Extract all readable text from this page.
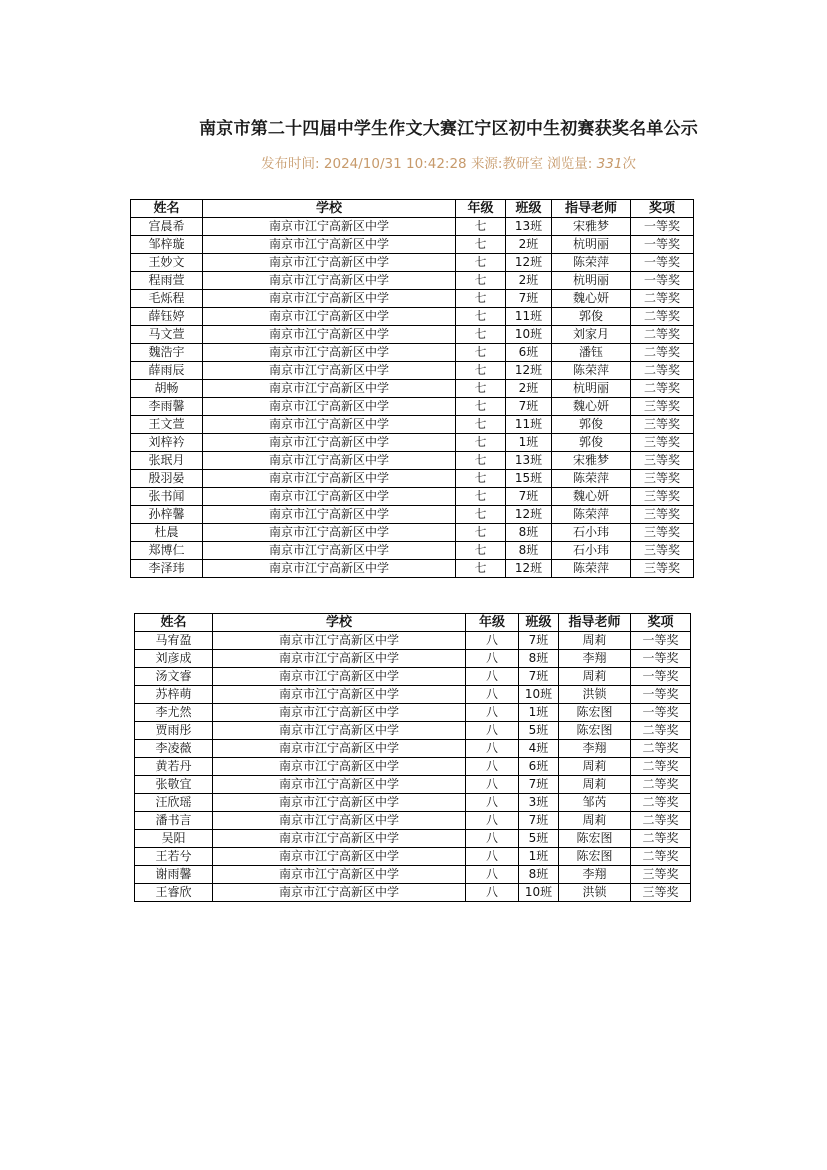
南京市第二十四届中学生作文大赛江宁区初中生初赛获奖名单公示
发布时间: 2024/10/31 10:42:28 来源:教研室 浏览量: 331次
姓名	学校	年级	班级	指导老师	奖项
宫晨希	南京市江宁高新区中学	七	13班	宋雅梦	一等奖
邹梓璇	南京市江宁高新区中学	七	2班	杭明丽	一等奖
王妙文	南京市江宁高新区中学	七	12班	陈荣萍	一等奖
程雨萱	南京市江宁高新区中学	七	2班	杭明丽	一等奖
毛烁程	南京市江宁高新区中学	七	7班	魏心妍	二等奖
薛钰婷	南京市江宁高新区中学	七	11班	郭俊	二等奖
马文萱	南京市江宁高新区中学	七	10班	刘家月	二等奖
魏浩宇	南京市江宁高新区中学	七	6班	潘钰	二等奖
薛雨辰	南京市江宁高新区中学	七	12班	陈荣萍	二等奖
胡畅	南京市江宁高新区中学	七	2班	杭明丽	二等奖
李雨馨	南京市江宁高新区中学	七	7班	魏心妍	三等奖
王文萱	南京市江宁高新区中学	七	11班	郭俊	三等奖
刘梓衿	南京市江宁高新区中学	七	1班	郭俊	三等奖
张珉月	南京市江宁高新区中学	七	13班	宋雅梦	三等奖
殷羽晏	南京市江宁高新区中学	七	15班	陈荣萍	三等奖
张书闻	南京市江宁高新区中学	七	7班	魏心妍	三等奖
孙梓馨	南京市江宁高新区中学	七	12班	陈荣萍	三等奖
杜晨	南京市江宁高新区中学	七	8班	石小玮	三等奖
郑博仁	南京市江宁高新区中学	七	8班	石小玮	三等奖
李泽玮	南京市江宁高新区中学	七	12班	陈荣萍	三等奖
姓名	学校	年级	班级	指导老师	奖项
马宥盈	南京市江宁高新区中学	八	7班	周莉	一等奖
刘彦成	南京市江宁高新区中学	八	8班	李翔	一等奖
汤文睿	南京市江宁高新区中学	八	7班	周莉	一等奖
苏梓萌	南京市江宁高新区中学	八	10班	洪锁	一等奖
李尤然	南京市江宁高新区中学	八	1班	陈宏图	一等奖
贾雨彤	南京市江宁高新区中学	八	5班	陈宏图	二等奖
李凌薇	南京市江宁高新区中学	八	4班	李翔	二等奖
黄若丹	南京市江宁高新区中学	八	6班	周莉	二等奖
张敬宜	南京市江宁高新区中学	八	7班	周莉	二等奖
汪欣瑶	南京市江宁高新区中学	八	3班	邹芮	二等奖
潘书言	南京市江宁高新区中学	八	7班	周莉	二等奖
吴阳	南京市江宁高新区中学	八	5班	陈宏图	二等奖
王若兮	南京市江宁高新区中学	八	1班	陈宏图	二等奖
谢雨馨	南京市江宁高新区中学	八	8班	李翔	三等奖
王睿欣	南京市江宁高新区中学	八	10班	洪锁	三等奖
